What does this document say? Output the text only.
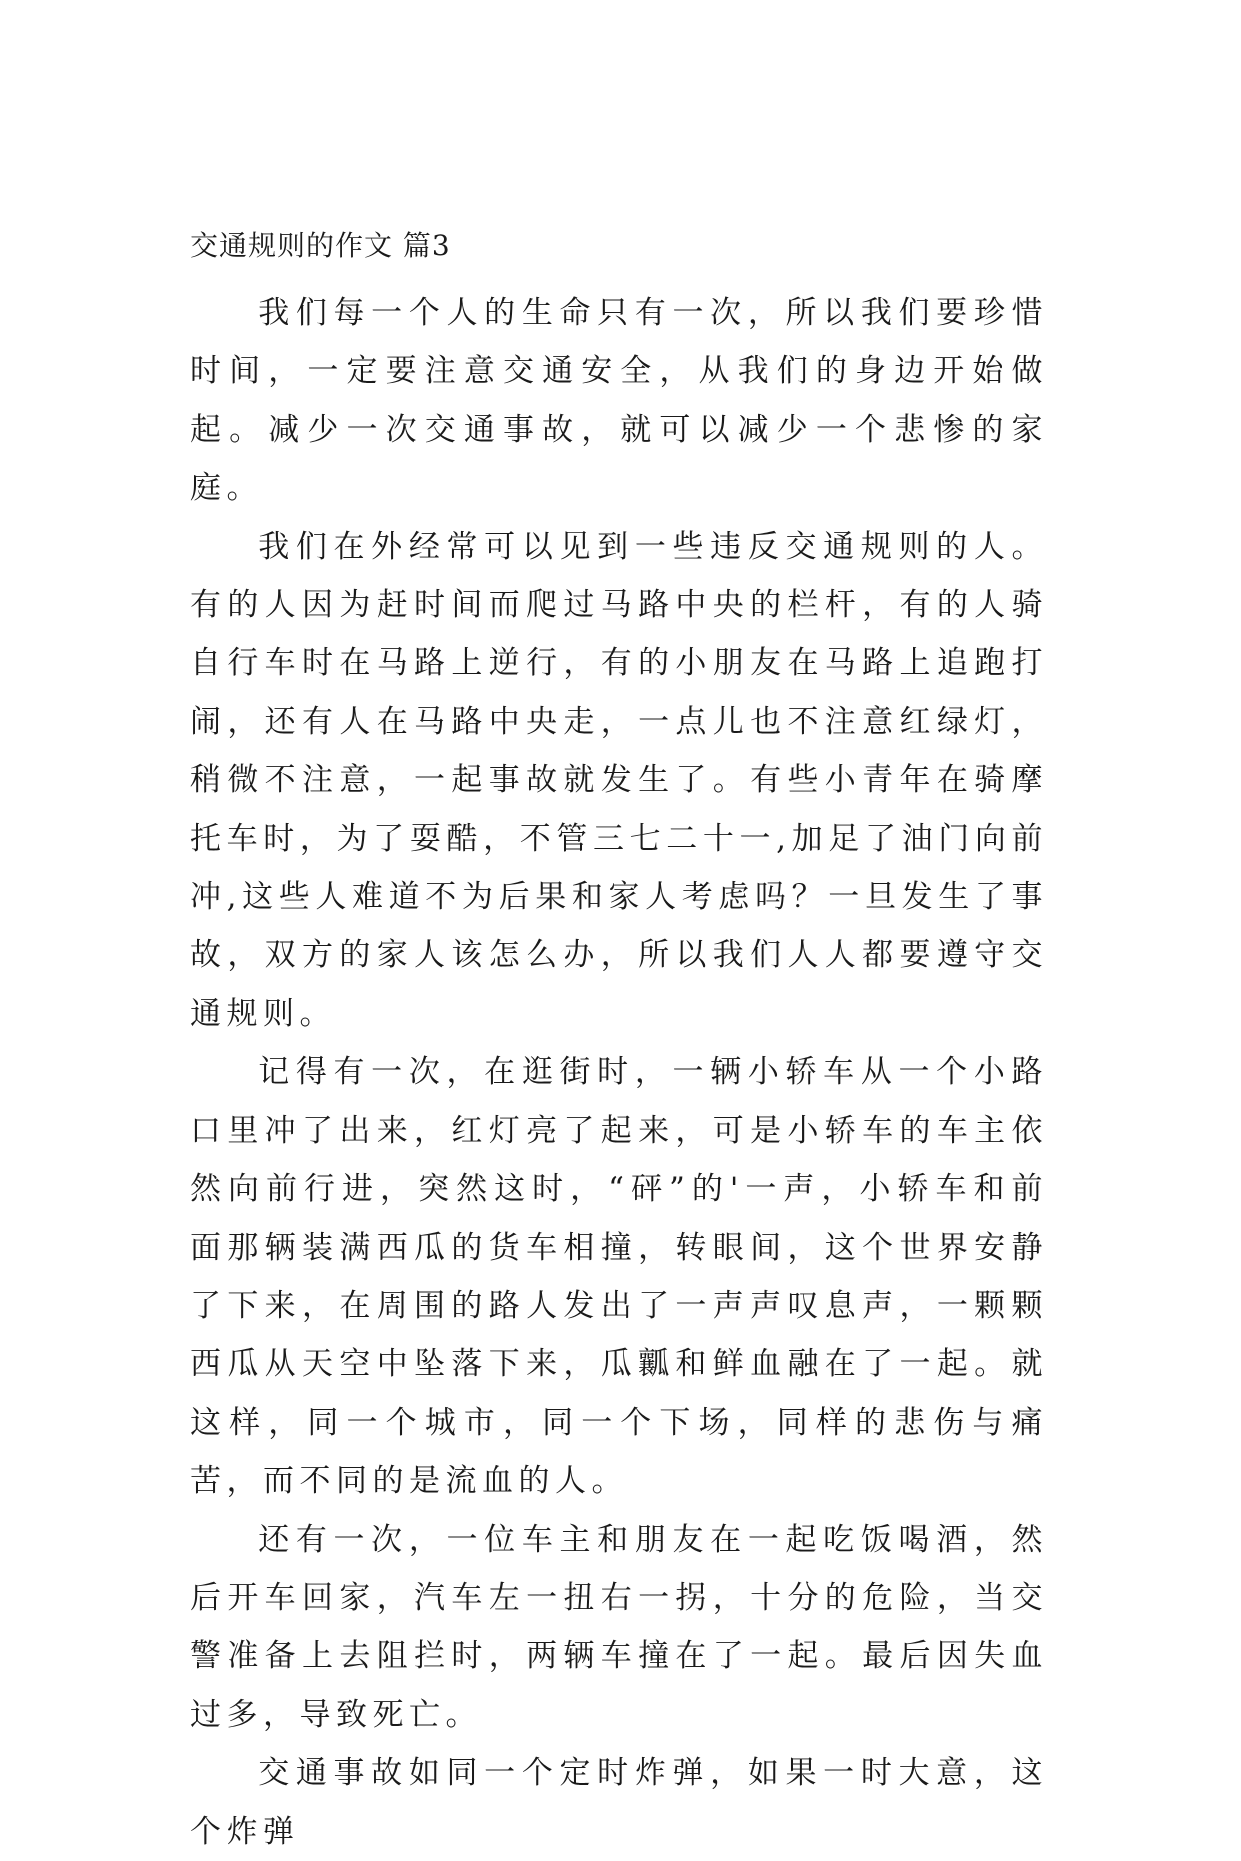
交通规则的作文 篇3

我们每一个人的生命只有一次，所以我们要珍惜时间，一定要注意交通安全，从我们的身边开始做起。减少一次交通事故，就可以减少一个悲惨的家庭。

我们在外经常可以见到一些违反交通规则的人。有的人因为赶时间而爬过马路中央的栏杆，有的人骑自行车时在马路上逆行，有的小朋友在马路上追跑打闹，还有人在马路中央走，一点儿也不注意红绿灯，稍微不注意，一起事故就发生了。有些小青年在骑摩托车时，为了耍酷，不管三七二十一,加足了油门向前冲,这些人难道不为后果和家人考虑吗？一旦发生了事故，双方的家人该怎么办，所以我们人人都要遵守交通规则。

记得有一次，在逛街时，一辆小轿车从一个小路口里冲了出来，红灯亮了起来，可是小轿车的车主依然向前行进，突然这时，“砰”的'一声，小轿车和前面那辆装满西瓜的货车相撞，转眼间，这个世界安静了下来，在周围的路人发出了一声声叹息声，一颗颗西瓜从天空中坠落下来，瓜瓤和鲜血融在了一起。就这样，同一个城市，同一个下场，同样的悲伤与痛苦，而不同的是流血的人。

还有一次，一位车主和朋友在一起吃饭喝酒，然后开车回家，汽车左一扭右一拐，十分的危险，当交警准备上去阻拦时，两辆车撞在了一起。最后因失血过多，导致死亡。

交通事故如同一个定时炸弹，如果一时大意，这个炸弹
